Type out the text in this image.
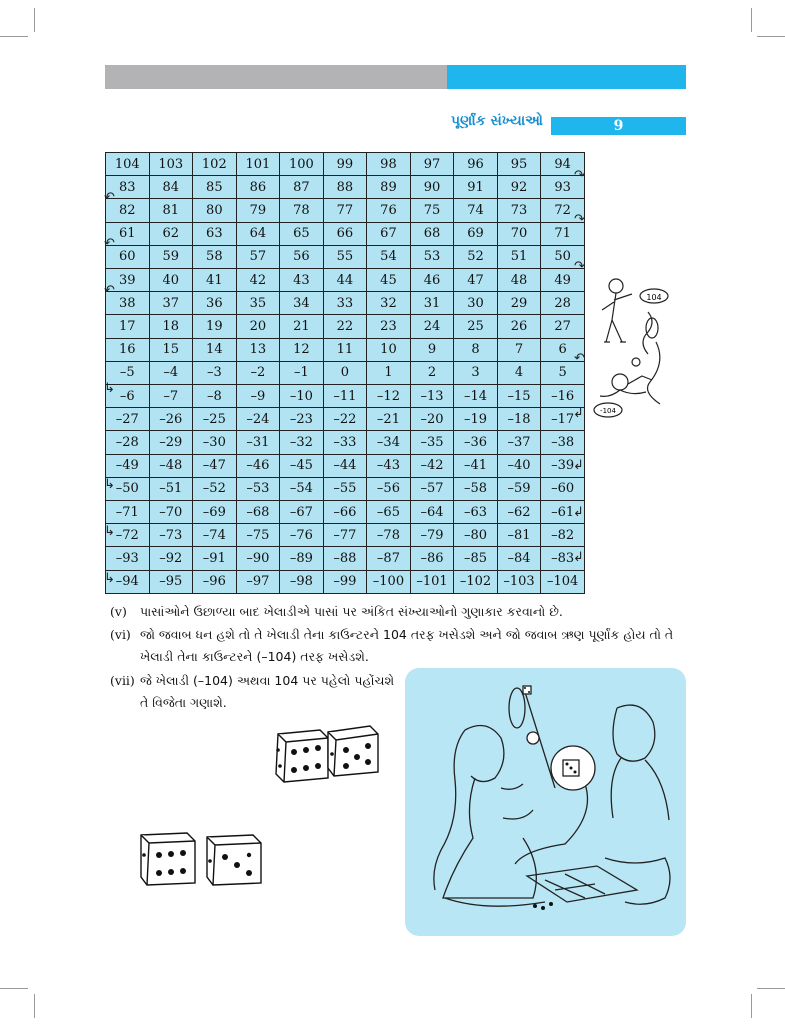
પૂર્ણાંક સંખ્યાઓ	9
104	103	102	101	100	99	98	97	96	95	94
83	84	85	86	87	88	89	90	91	92	93
82	81	80	79	78	77	76	75	74	73	72
61	62	63	64	65	66	67	68	69	70	71
60	59	58	57	56	55	54	53	52	51	50
39	40	41	42	43	44	45	46	47	48	49
38	37	36	35	34	33	32	31	30	29	28
17	18	19	20	21	22	23	24	25	26	27
16	15	14	13	12	11	10	9	8	7	6
–5	–4	–3	–2	–1	0	1	2	3	4	5
–6	–7	–8	–9	–10	–11	–12	–13	–14	–15	–16
–27	–26	–25	–24	–23	–22	–21	–20	–19	–18	–17
–28	–29	–30	–31	–32	–33	–34	–35	–36	–37	–38
–49	–48	–47	–46	–45	–44	–43	–42	–41	–40	–39
–50	–51	–52	–53	–54	–55	–56	–57	–58	–59	–60
–71	–70	–69	–68	–67	–66	–65	–64	–63	–62	–61
–72	–73	–74	–75	–76	–77	–78	–79	–80	–81	–82
–93	–92	–91	–90	–89	–88	–87	–86	–85	–84	–83
–94	–95	–96	–97	–98	–99	–100	–101	–102	–103	–104
↷
↶
↷
↶
↷
↶
↶
↳
↲
↲
↳
↲
↳
↲
↳
104
-104
(v) પાસાંઓને ઉછાળ્યા બાદ ખેલાડીએ પાસાં પર અંકિત સંખ્યાઓનો ગુણાકાર કરવાનો છે.
(vi) જો જવાબ ધન હશે તો તે ખેલાડી તેના કાઉન્ટરને 104 તરફ ખસેડશે અને જો જવાબ ઋણ પૂર્ણાંક હોય તો તે ખેલાડી તેના કાઉન્ટરને (–104) તરફ ખસેડશે.
(vii) જે ખેલાડી (–104) અથવા 104 પર પહેલો પહોંચશે તે વિજેતા ગણાશે.
